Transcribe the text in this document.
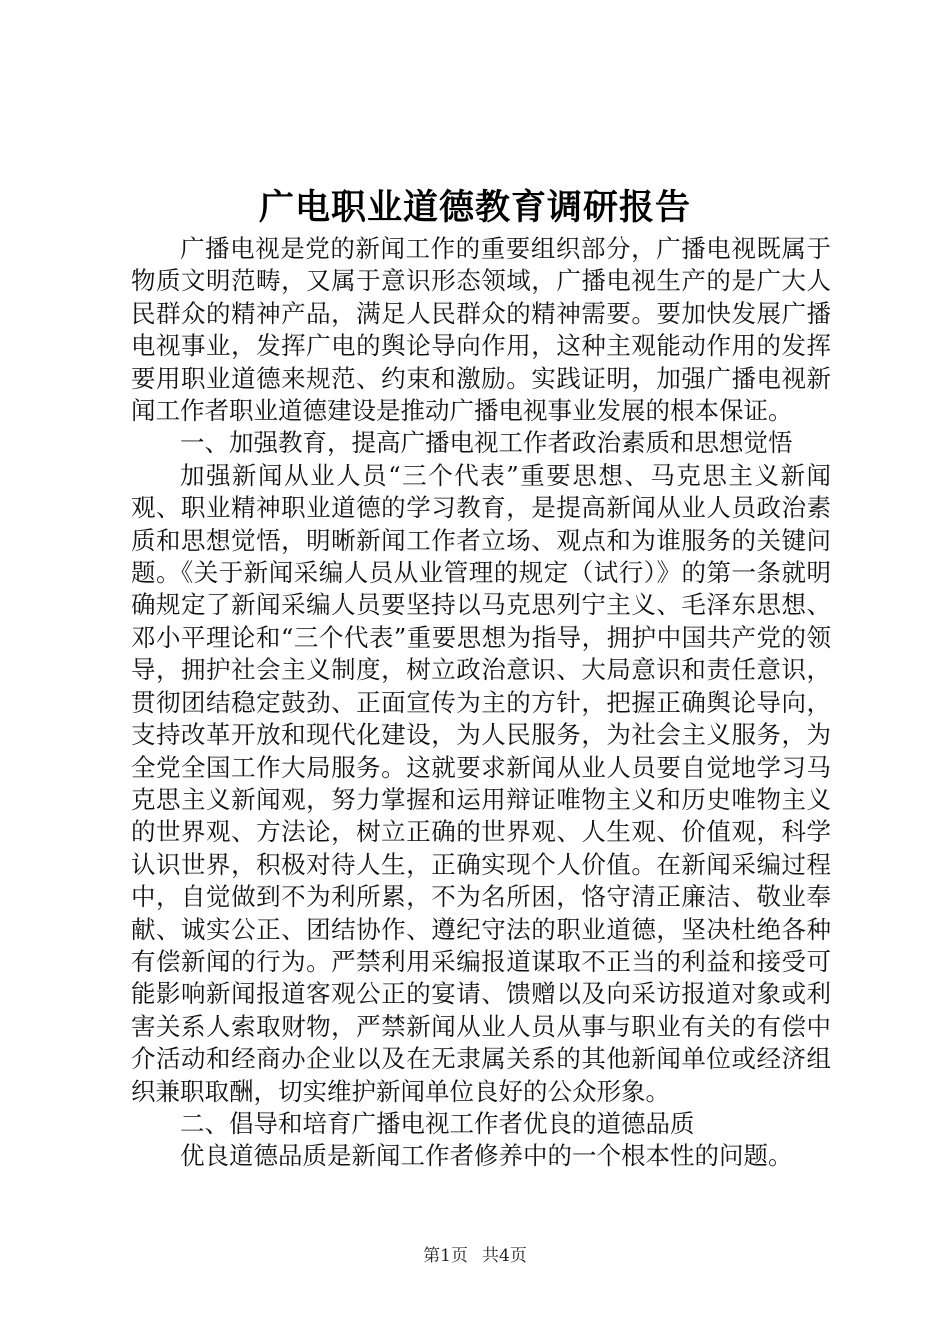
广电职业道德教育调研报告

广播电视是党的新闻工作的重要组织部分，广播电视既属于物质文明范畴，又属于意识形态领域，广播电视生产的是广大人民群众的精神产品，满足人民群众的精神需要。要加快发展广播电视事业，发挥广电的舆论导向作用，这种主观能动作用的发挥要用职业道德来规范、约束和激励。实践证明，加强广播电视新闻工作者职业道德建设是推动广播电视事业发展的根本保证。

一、加强教育，提高广播电视工作者政治素质和思想觉悟

加强新闻从业人员“三个代表”重要思想、马克思主义新闻观、职业精神职业道德的学习教育，是提高新闻从业人员政治素质和思想觉悟，明晰新闻工作者立场、观点和为谁服务的关键问题。《关于新闻采编人员从业管理的规定（试行）》的第一条就明确规定了新闻采编人员要坚持以马克思列宁主义、毛泽东思想、邓小平理论和“三个代表”重要思想为指导，拥护中国共产党的领导，拥护社会主义制度，树立政治意识、大局意识和责任意识，贯彻团结稳定鼓劲、正面宣传为主的方针，把握正确舆论导向，支持改革开放和现代化建设，为人民服务，为社会主义服务，为全党全国工作大局服务。这就要求新闻从业人员要自觉地学习马克思主义新闻观，努力掌握和运用辩证唯物主义和历史唯物主义的世界观、方法论，树立正确的世界观、人生观、价值观，科学认识世界，积极对待人生，正确实现个人价值。在新闻采编过程中，自觉做到不为利所累，不为名所困，恪守清正廉洁、敬业奉献、诚实公正、团结协作、遵纪守法的职业道德，坚决杜绝各种有偿新闻的行为。严禁利用采编报道谋取不正当的利益和接受可能影响新闻报道客观公正的宴请、馈赠以及向采访报道对象或利害关系人索取财物，严禁新闻从业人员从事与职业有关的有偿中介活动和经商办企业以及在无隶属关系的其他新闻单位或经济组织兼职取酬，切实维护新闻单位良好的公众形象。

二、倡导和培育广播电视工作者优良的道德品质

优良道德品质是新闻工作者修养中的一个根本性的问题。

第1页 共4页
